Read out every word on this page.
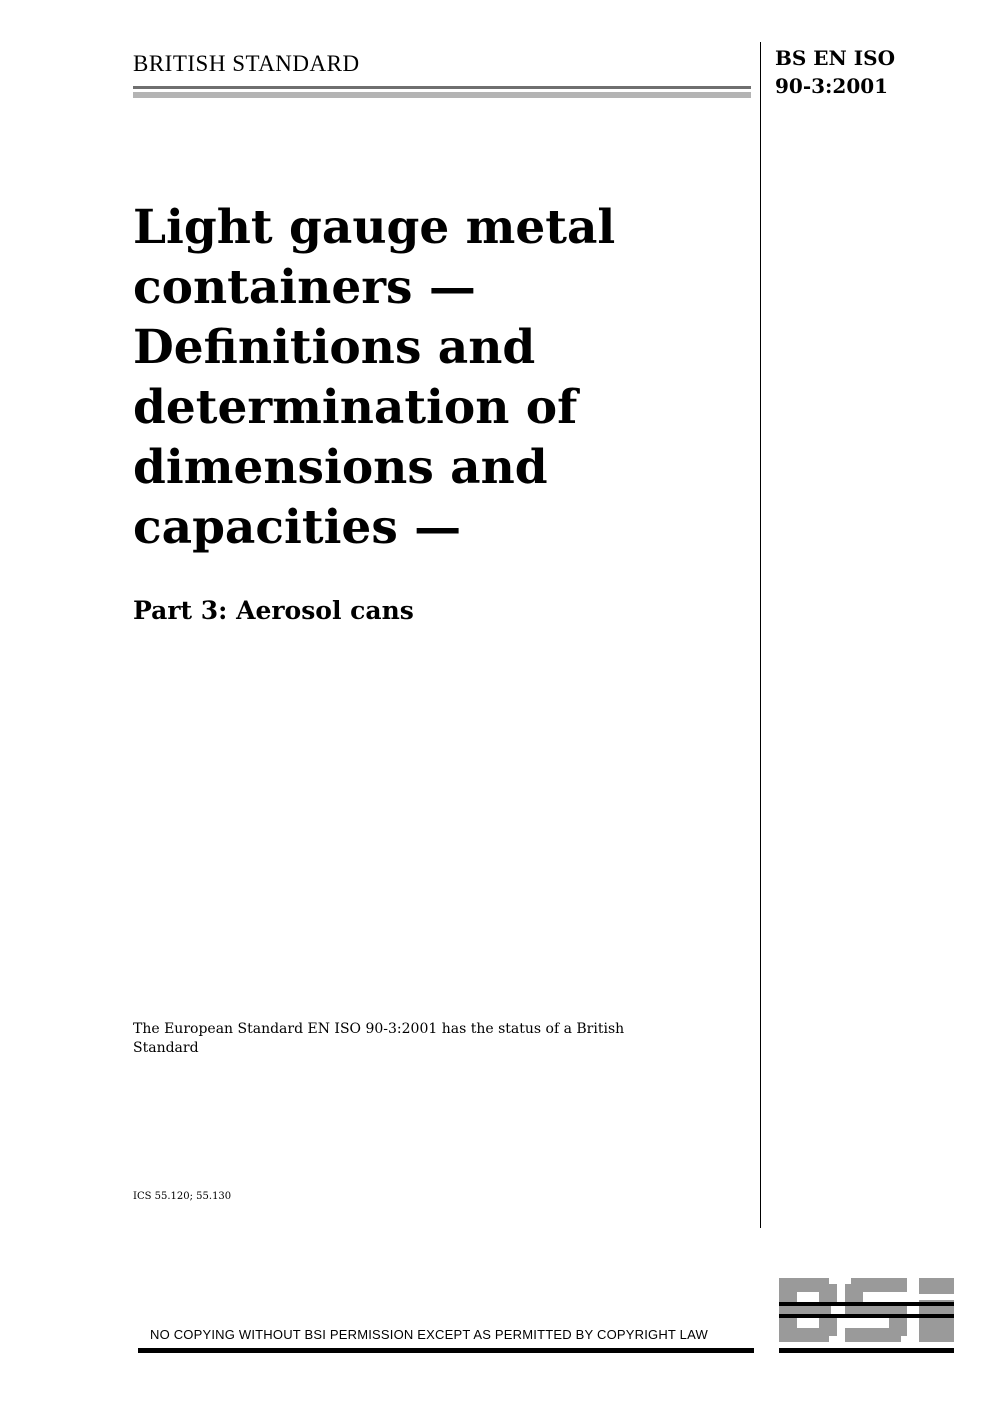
BRITISH STANDARD	BS EN ISO
90-3:2001
Light gauge metal
containers —
Definitions and
determination of
dimensions and
capacities —
Part 3: Aerosol cans
The European Standard EN ISO 90-3:2001 has the status of a British Standard
ICS 55.120; 55.130
NO COPYING WITHOUT BSI PERMISSION EXCEPT AS PERMITTED BY COPYRIGHT LAW
